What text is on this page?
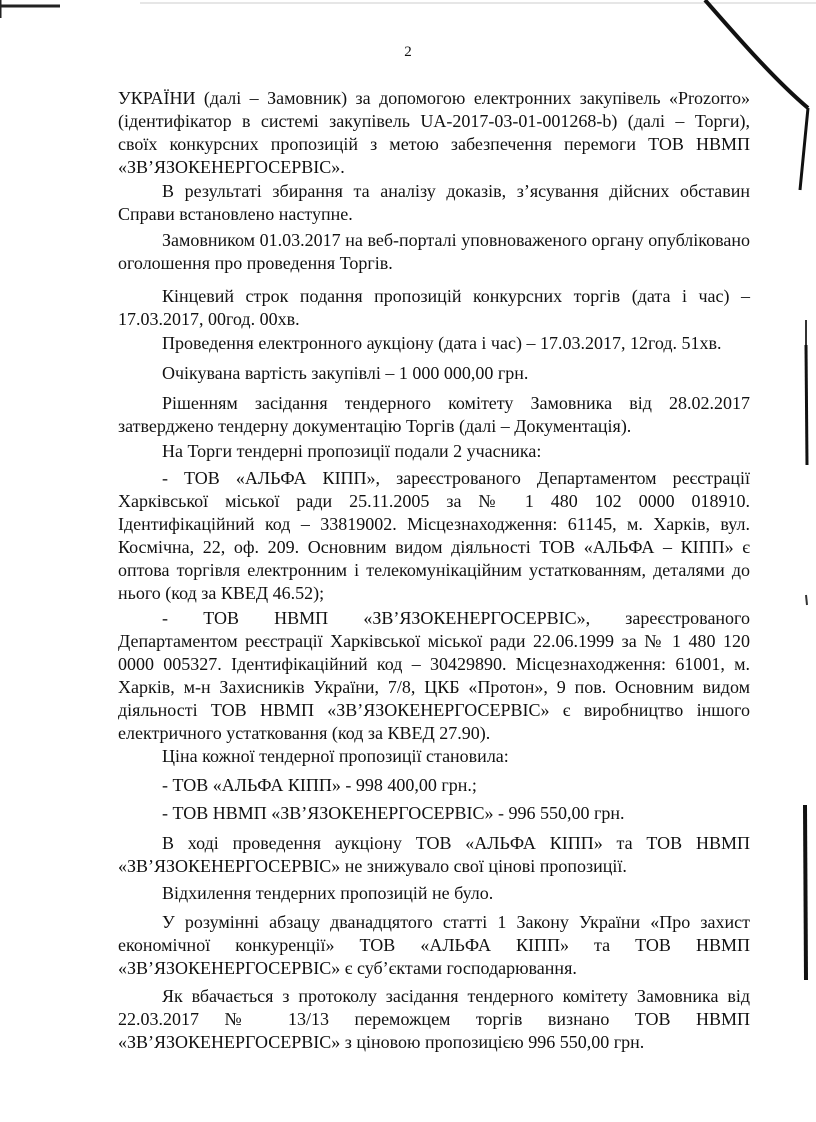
2
УКРАЇНИ (далі – Замовник) за допомогою електронних закупівель «Prozorro» (ідентифікатор в системі закупівель UA-2017-03-01-001268-b) (далі – Торги), своїх конкурсних пропозицій з метою забезпечення перемоги ТОВ НВМП «ЗВ’ЯЗОКЕНЕРГОСЕРВІС».
В результаті збирання та аналізу доказів, з’ясування дійсних обставин Справи встановлено наступне.
Замовником 01.03.2017 на веб-порталі уповноваженого органу опубліковано оголошення про проведення Торгів.
Кінцевий строк подання пропозицій конкурсних торгів (дата і час) – 17.03.2017, 00год. 00хв.
Проведення електронного аукціону (дата і час) – 17.03.2017, 12год. 51хв.
Очікувана вартість закупівлі – 1 000 000,00 грн.
Рішенням засідання тендерного комітету Замовника від 28.02.2017 затверджено тендерну документацію Торгів (далі – Документація).
На Торги тендерні пропозиції подали 2 учасника:
- ТОВ «АЛЬФА КІПП», зареєстрованого Департаментом реєстрації Харківської міської ради 25.11.2005 за № 1 480 102 0000 018910. Ідентифікаційний код – 33819002. Місцезнаходження: 61145, м. Харків, вул. Космічна, 22, оф. 209. Основним видом діяльності ТОВ «АЛЬФА – КІПП» є оптова торгівля електронним і телекомунікаційним устаткованням, деталями до нього (код за КВЕД 46.52);
- ТОВ НВМП «ЗВ’ЯЗОКЕНЕРГОСЕРВІС», зареєстрованого Департаментом реєстрації Харківської міської ради 22.06.1999 за № 1 480 120 0000 005327. Ідентифікаційний код – 30429890. Місцезнаходження: 61001, м. Харків, м-н Захисників України, 7/8, ЦКБ «Протон», 9 пов. Основним видом діяльності ТОВ НВМП «ЗВ’ЯЗОКЕНЕРГОСЕРВІС» є виробництво іншого електричного устатковання (код за КВЕД 27.90).
Ціна кожної тендерної пропозиції становила:
- ТОВ «АЛЬФА КІПП» - 998 400,00 грн.;
- ТОВ НВМП «ЗВ’ЯЗОКЕНЕРГОСЕРВІС» - 996 550,00 грн.
В ході проведення аукціону ТОВ «АЛЬФА КІПП» та ТОВ НВМП «ЗВ’ЯЗОКЕНЕРГОСЕРВІС» не знижувало свої цінові пропозиції.
Відхилення тендерних пропозицій не було.
У розумінні абзацу дванадцятого статті 1 Закону України «Про захист економічної конкуренції» ТОВ «АЛЬФА КІПП» та ТОВ НВМП «ЗВ’ЯЗОКЕНЕРГОСЕРВІС» є суб’єктами господарювання.
Як вбачається з протоколу засідання тендерного комітету Замовника від 22.03.2017 № 13/13 переможцем торгів визнано ТОВ НВМП «ЗВ’ЯЗОКЕНЕРГОСЕРВІС» з ціновою пропозицією 996 550,00 грн.
